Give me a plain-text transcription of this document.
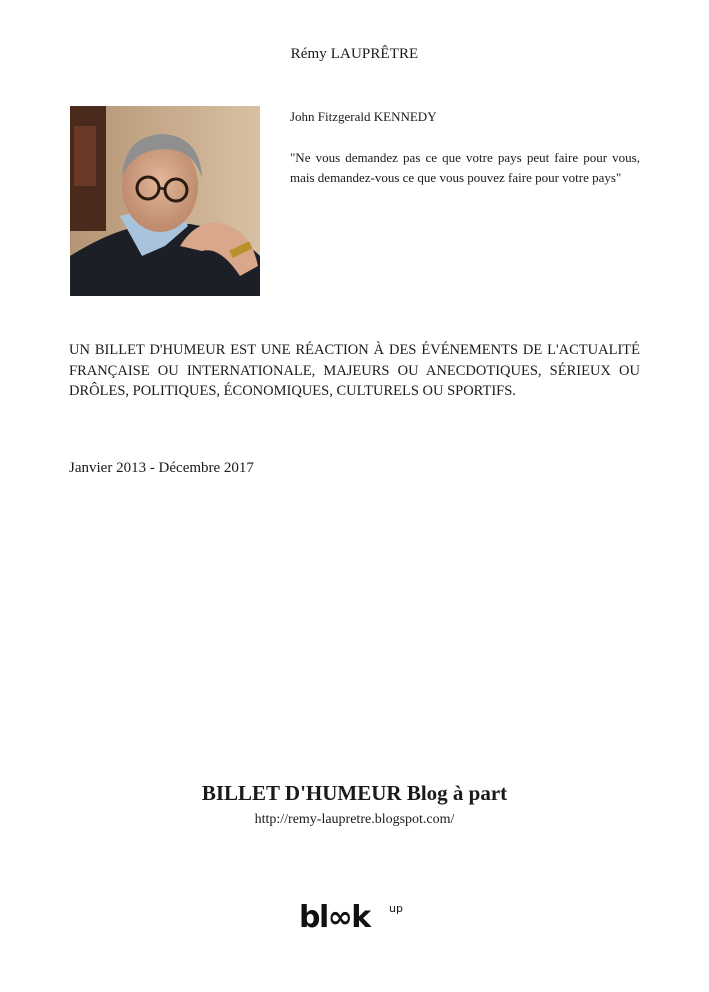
Rémy LAUPRÊTRE
John Fitzgerald KENNEDY
"Ne vous demandez pas ce que votre pays peut faire pour vous, mais demandez-vous ce que vous pouvez faire pour votre pays"
UN BILLET D'HUMEUR EST UNE RÉACTION À DES ÉVÉNEMENTS DE L'ACTUALITÉ FRANÇAISE OU INTERNATIONALE, MAJEURS OU ANECDOTIQUES, SÉRIEUX OU DRÔLES, POLITIQUES, ÉCONOMIQUES, CULTURELS OU SPORTIFS.
Janvier 2013 - Décembre 2017
BILLET D'HUMEUR Blog à part
http://remy-laupretre.blogspot.com/
bl∞k up
